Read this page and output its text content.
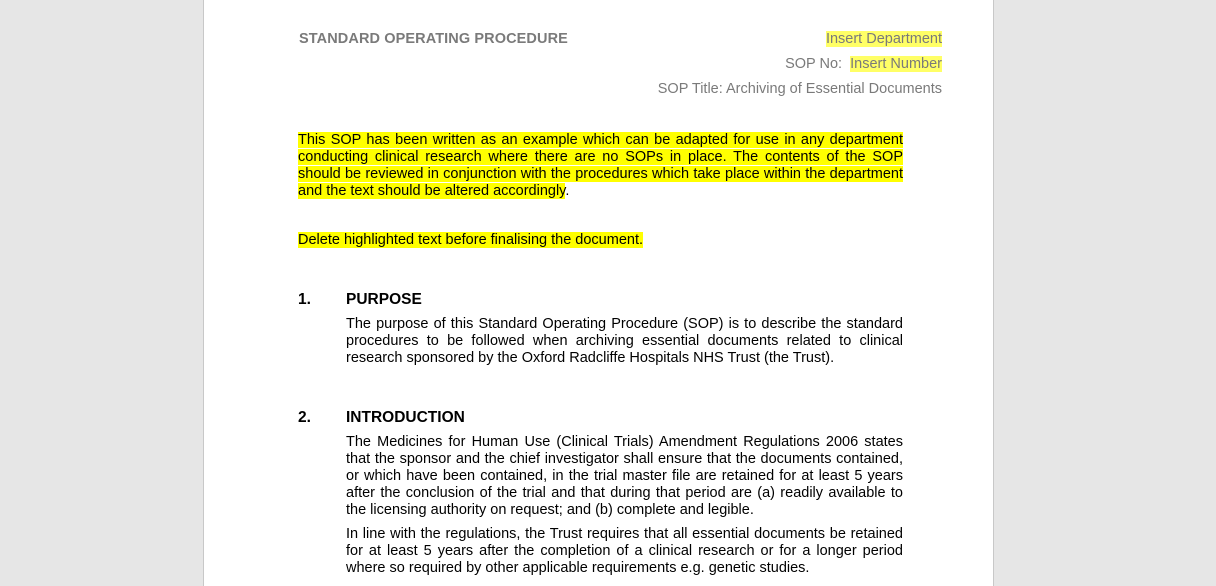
STANDARD OPERATING PROCEDURE	Insert Department
SOP No: Insert Number
SOP Title: Archiving of Essential Documents
This SOP has been written as an example which can be adapted for use in any department conducting clinical research where there are no SOPs in place. The contents of the SOP should be reviewed in conjunction with the procedures which take place within the department and the text should be altered accordingly.
Delete highlighted text before finalising the document.
1. PURPOSE
The purpose of this Standard Operating Procedure (SOP) is to describe the standard procedures to be followed when archiving essential documents related to clinical research sponsored by the Oxford Radcliffe Hospitals NHS Trust (the Trust).
2. INTRODUCTION
The Medicines for Human Use (Clinical Trials) Amendment Regulations 2006 states that the sponsor and the chief investigator shall ensure that the documents contained, or which have been contained, in the trial master file are retained for at least 5 years after the conclusion of the trial and that during that period are (a) readily available to the licensing authority on request; and (b) complete and legible.
In line with the regulations, the Trust requires that all essential documents be retained for at least 5 years after the completion of a clinical research or for a longer period where so required by other applicable requirements e.g. genetic studies.
